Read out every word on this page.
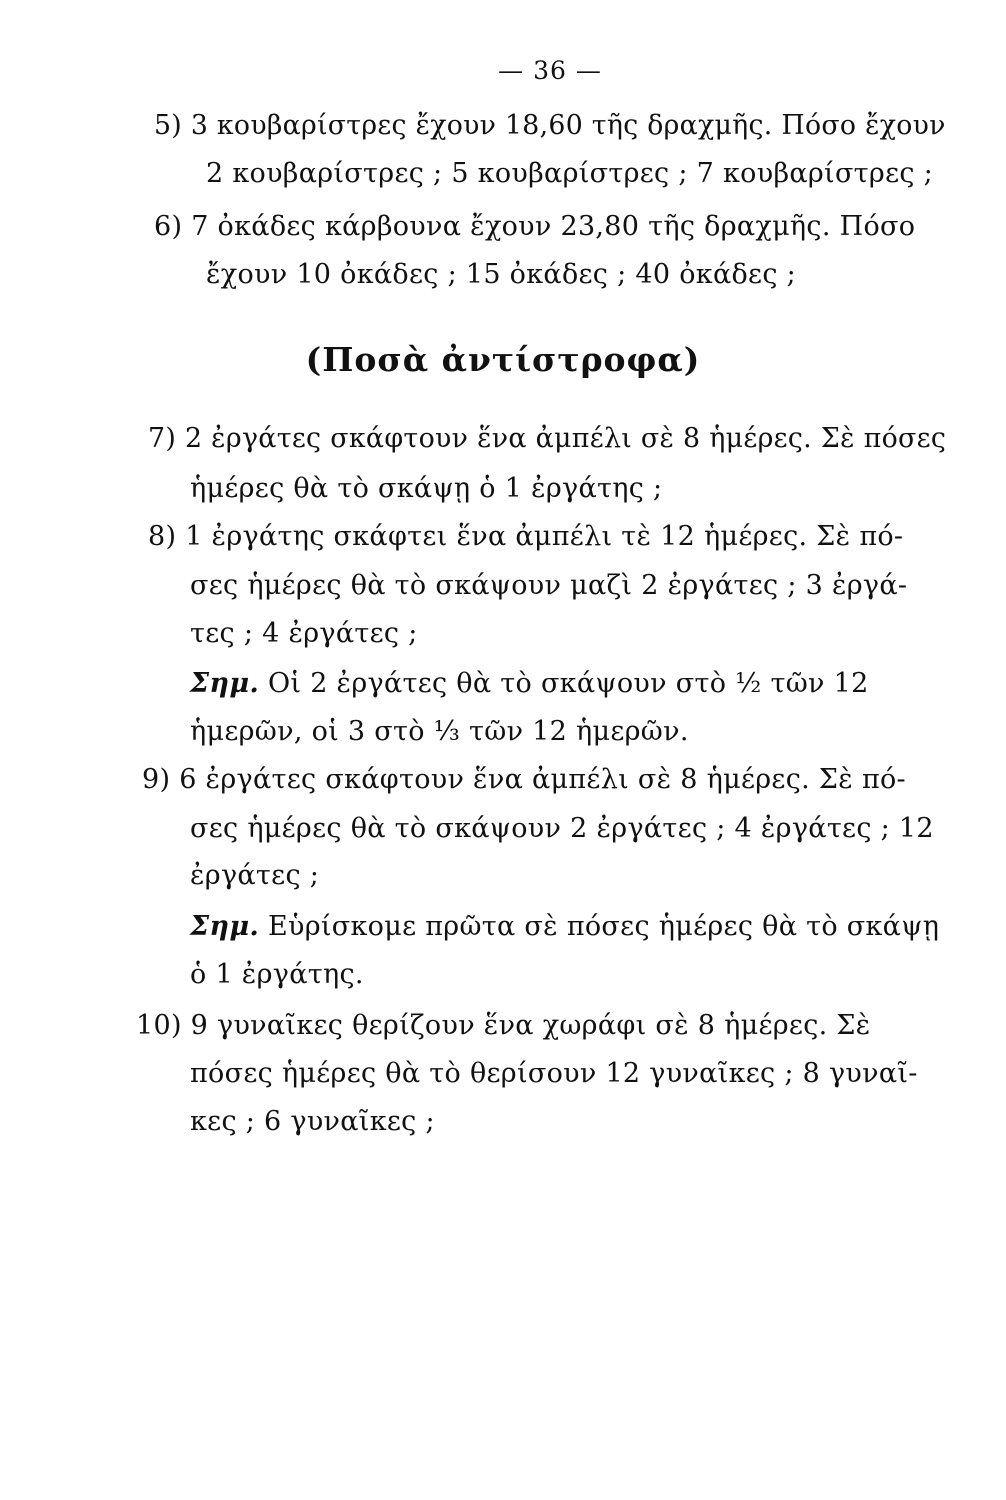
— 36 —
5) 3 κουβαρίστρες ἔχουν 18,60 τῆς δραχμῆς. Πόσο ἔχουν
2 κουβαρίστρες ; 5 κουβαρίστρες ; 7 κουβαρίστρες ;
6) 7 ὀκάδες κάρβουνα ἔχουν 23,80 τῆς δραχμῆς. Πόσο
ἔχουν 10 ὀκάδες ; 15 ὀκάδες ; 40 ὀκάδες ;
(Ποσὰ ἀντίστροφα)
7) 2 ἐργάτες σκάφτουν ἕνα ἀμπέλι σὲ 8 ἡμέρες. Σὲ πόσες
ἡμέρες θὰ τὸ σκάψῃ ὁ 1 ἐργάτης ;
8) 1 ἐργάτης σκάφτει ἕνα ἀμπέλι τὲ 12 ἡμέρες. Σὲ πό-
σες ἡμέρες θὰ τὸ σκάψουν μαζὶ 2 ἐργάτες ; 3 ἐργά-
τες ; 4 ἐργάτες ;
Σημ. Οἱ 2 ἐργάτες θὰ τὸ σκάψουν στὸ ½ τῶν 12
ἡμερῶν, οἱ 3 στὸ ⅓ τῶν 12 ἡμερῶν.
9) 6 ἐργάτες σκάφτουν ἕνα ἀμπέλι σὲ 8 ἡμέρες. Σὲ πό-
σες ἡμέρες θὰ τὸ σκάψουν 2 ἐργάτες ; 4 ἐργάτες ; 12
ἐργάτες ;
Σημ. Εὑρίσκομε πρῶτα σὲ πόσες ἡμέρες θὰ τὸ σκάψῃ
ὁ 1 ἐργάτης.
10) 9 γυναῖκες θερίζουν ἕνα χωράφι σὲ 8 ἡμέρες. Σὲ
πόσες ἡμέρες θὰ τὸ θερίσουν 12 γυναῖκες ; 8 γυναῖ-
κες ; 6 γυναῖκες ;
